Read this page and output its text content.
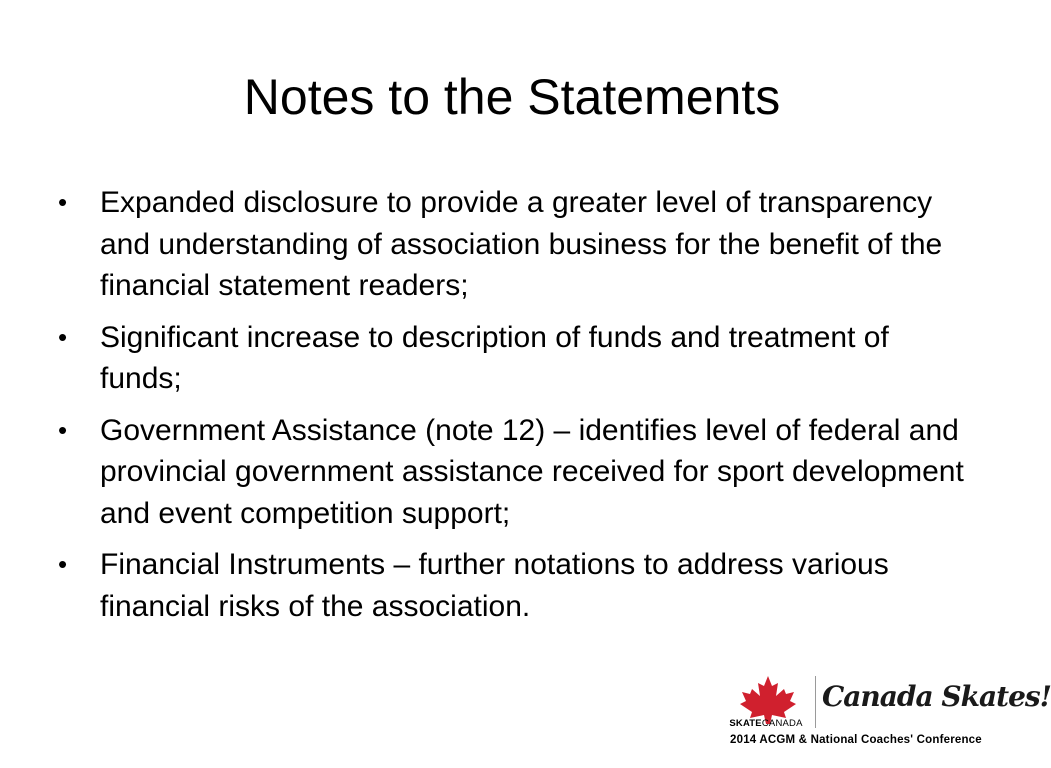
Notes to the Statements
•	Expanded disclosure to provide a greater level of transparency and understanding of association business for the benefit of the financial statement readers;
•	Significant increase to description of funds and treatment of funds;
•	Government Assistance (note 12) – identifies level of federal and provincial government assistance received for sport development and event competition support;
•	Financial Instruments – further notations to address various financial risks of the association.
SKATECANADA
Canada Skates!
2014 ACGM & National Coaches' Conference
